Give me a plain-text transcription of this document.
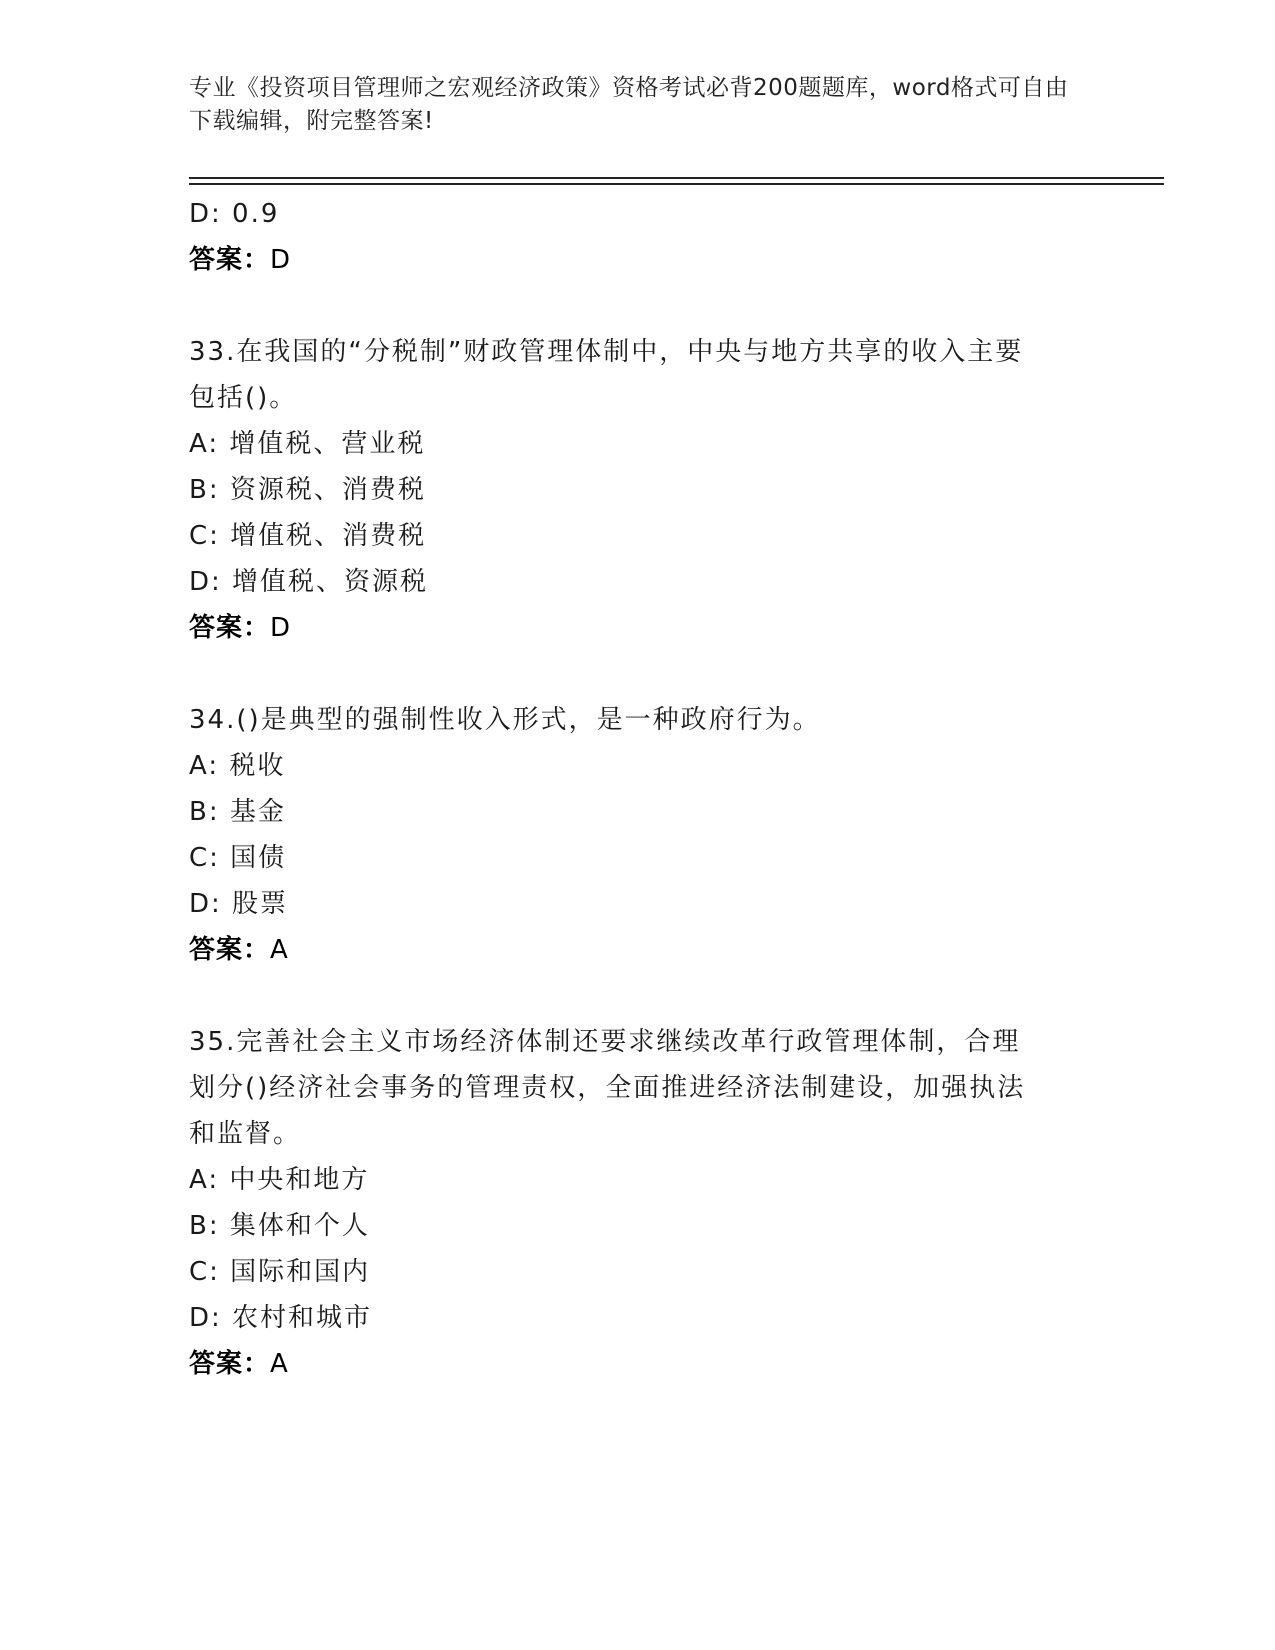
专业《投资项目管理师之宏观经济政策》资格考试必背200题题库，word格式可自由下载编辑，附完整答案!
D: 0.9
答案：D
33.在我国的“分税制”财政管理体制中，中央与地方共享的收入主要包括()。
A: 增值税、营业税
B: 资源税、消费税
C: 增值税、消费税
D: 增值税、资源税
答案：D
34.()是典型的强制性收入形式，是一种政府行为。
A: 税收
B: 基金
C: 国债
D: 股票
答案：A
35.完善社会主义市场经济体制还要求继续改革行政管理体制，合理划分()经济社会事务的管理责权，全面推进经济法制建设，加强执法和监督。
A: 中央和地方
B: 集体和个人
C: 国际和国内
D: 农村和城市
答案：A
